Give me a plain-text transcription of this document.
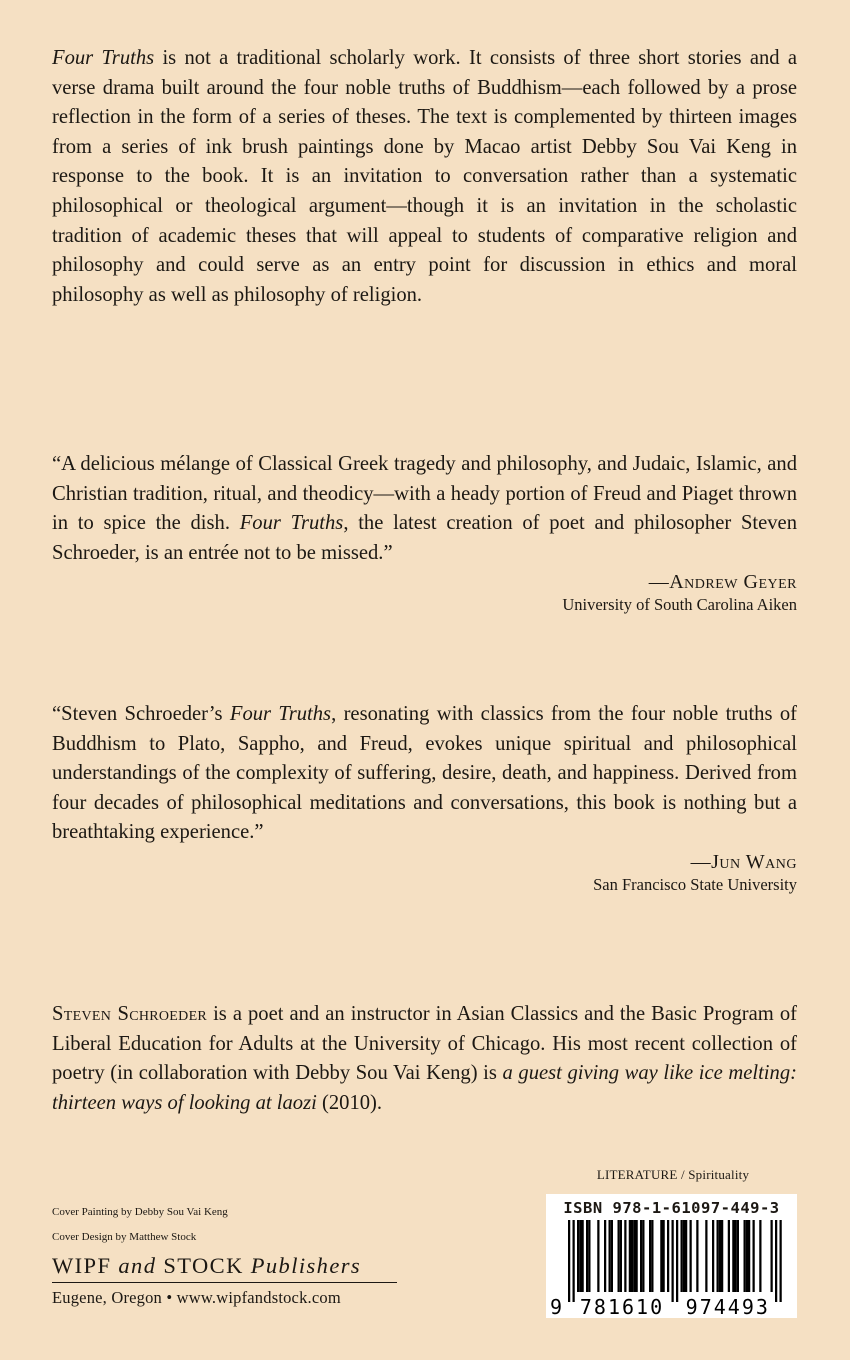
Four Truths is not a traditional scholarly work. It consists of three short stories and a verse drama built around the four noble truths of Buddhism—each followed by a prose reflection in the form of a series of theses. The text is complemented by thirteen images from a series of ink brush paintings done by Macao artist Debby Sou Vai Keng in response to the book. It is an invitation to conversation rather than a systematic philosophical or theological argument—though it is an invitation in the scholastic tradition of academic theses that will appeal to students of comparative religion and philosophy and could serve as an entry point for discussion in ethics and moral philosophy as well as philosophy of religion.

“A delicious mélange of Classical Greek tragedy and philosophy, and Judaic, Islamic, and Christian tradition, ritual, and theodicy—with a heady portion of Freud and Piaget thrown in to spice the dish. Four Truths, the latest creation of poet and philosopher Steven Schroeder, is an entrée not to be missed.”

—Andrew Geyer
University of South Carolina Aiken

“Steven Schroeder’s Four Truths, resonating with classics from the four noble truths of Buddhism to Plato, Sappho, and Freud, evokes unique spiritual and philosophical understandings of the complexity of suffering, desire, death, and happiness. Derived from four decades of philosophical meditations and conversations, this book is nothing but a breathtaking experience.”

—Jun Wang
San Francisco State University

Steven Schroeder is a poet and an instructor in Asian Classics and the Basic Program of Liberal Education for Adults at the University of Chicago. His most recent collection of poetry (in collaboration with Debby Sou Vai Keng) is a guest giving way like ice melting: thirteen ways of looking at laozi (2010).

LITERATURE / Spirituality
Cover Painting by Debby Sou Vai Keng
Cover Design by Matthew Stock
WIPF and STOCK Publishers
Eugene, Oregon • www.wipfandstock.com
ISBN 978-1-61097-449-3
9 781610 974493
